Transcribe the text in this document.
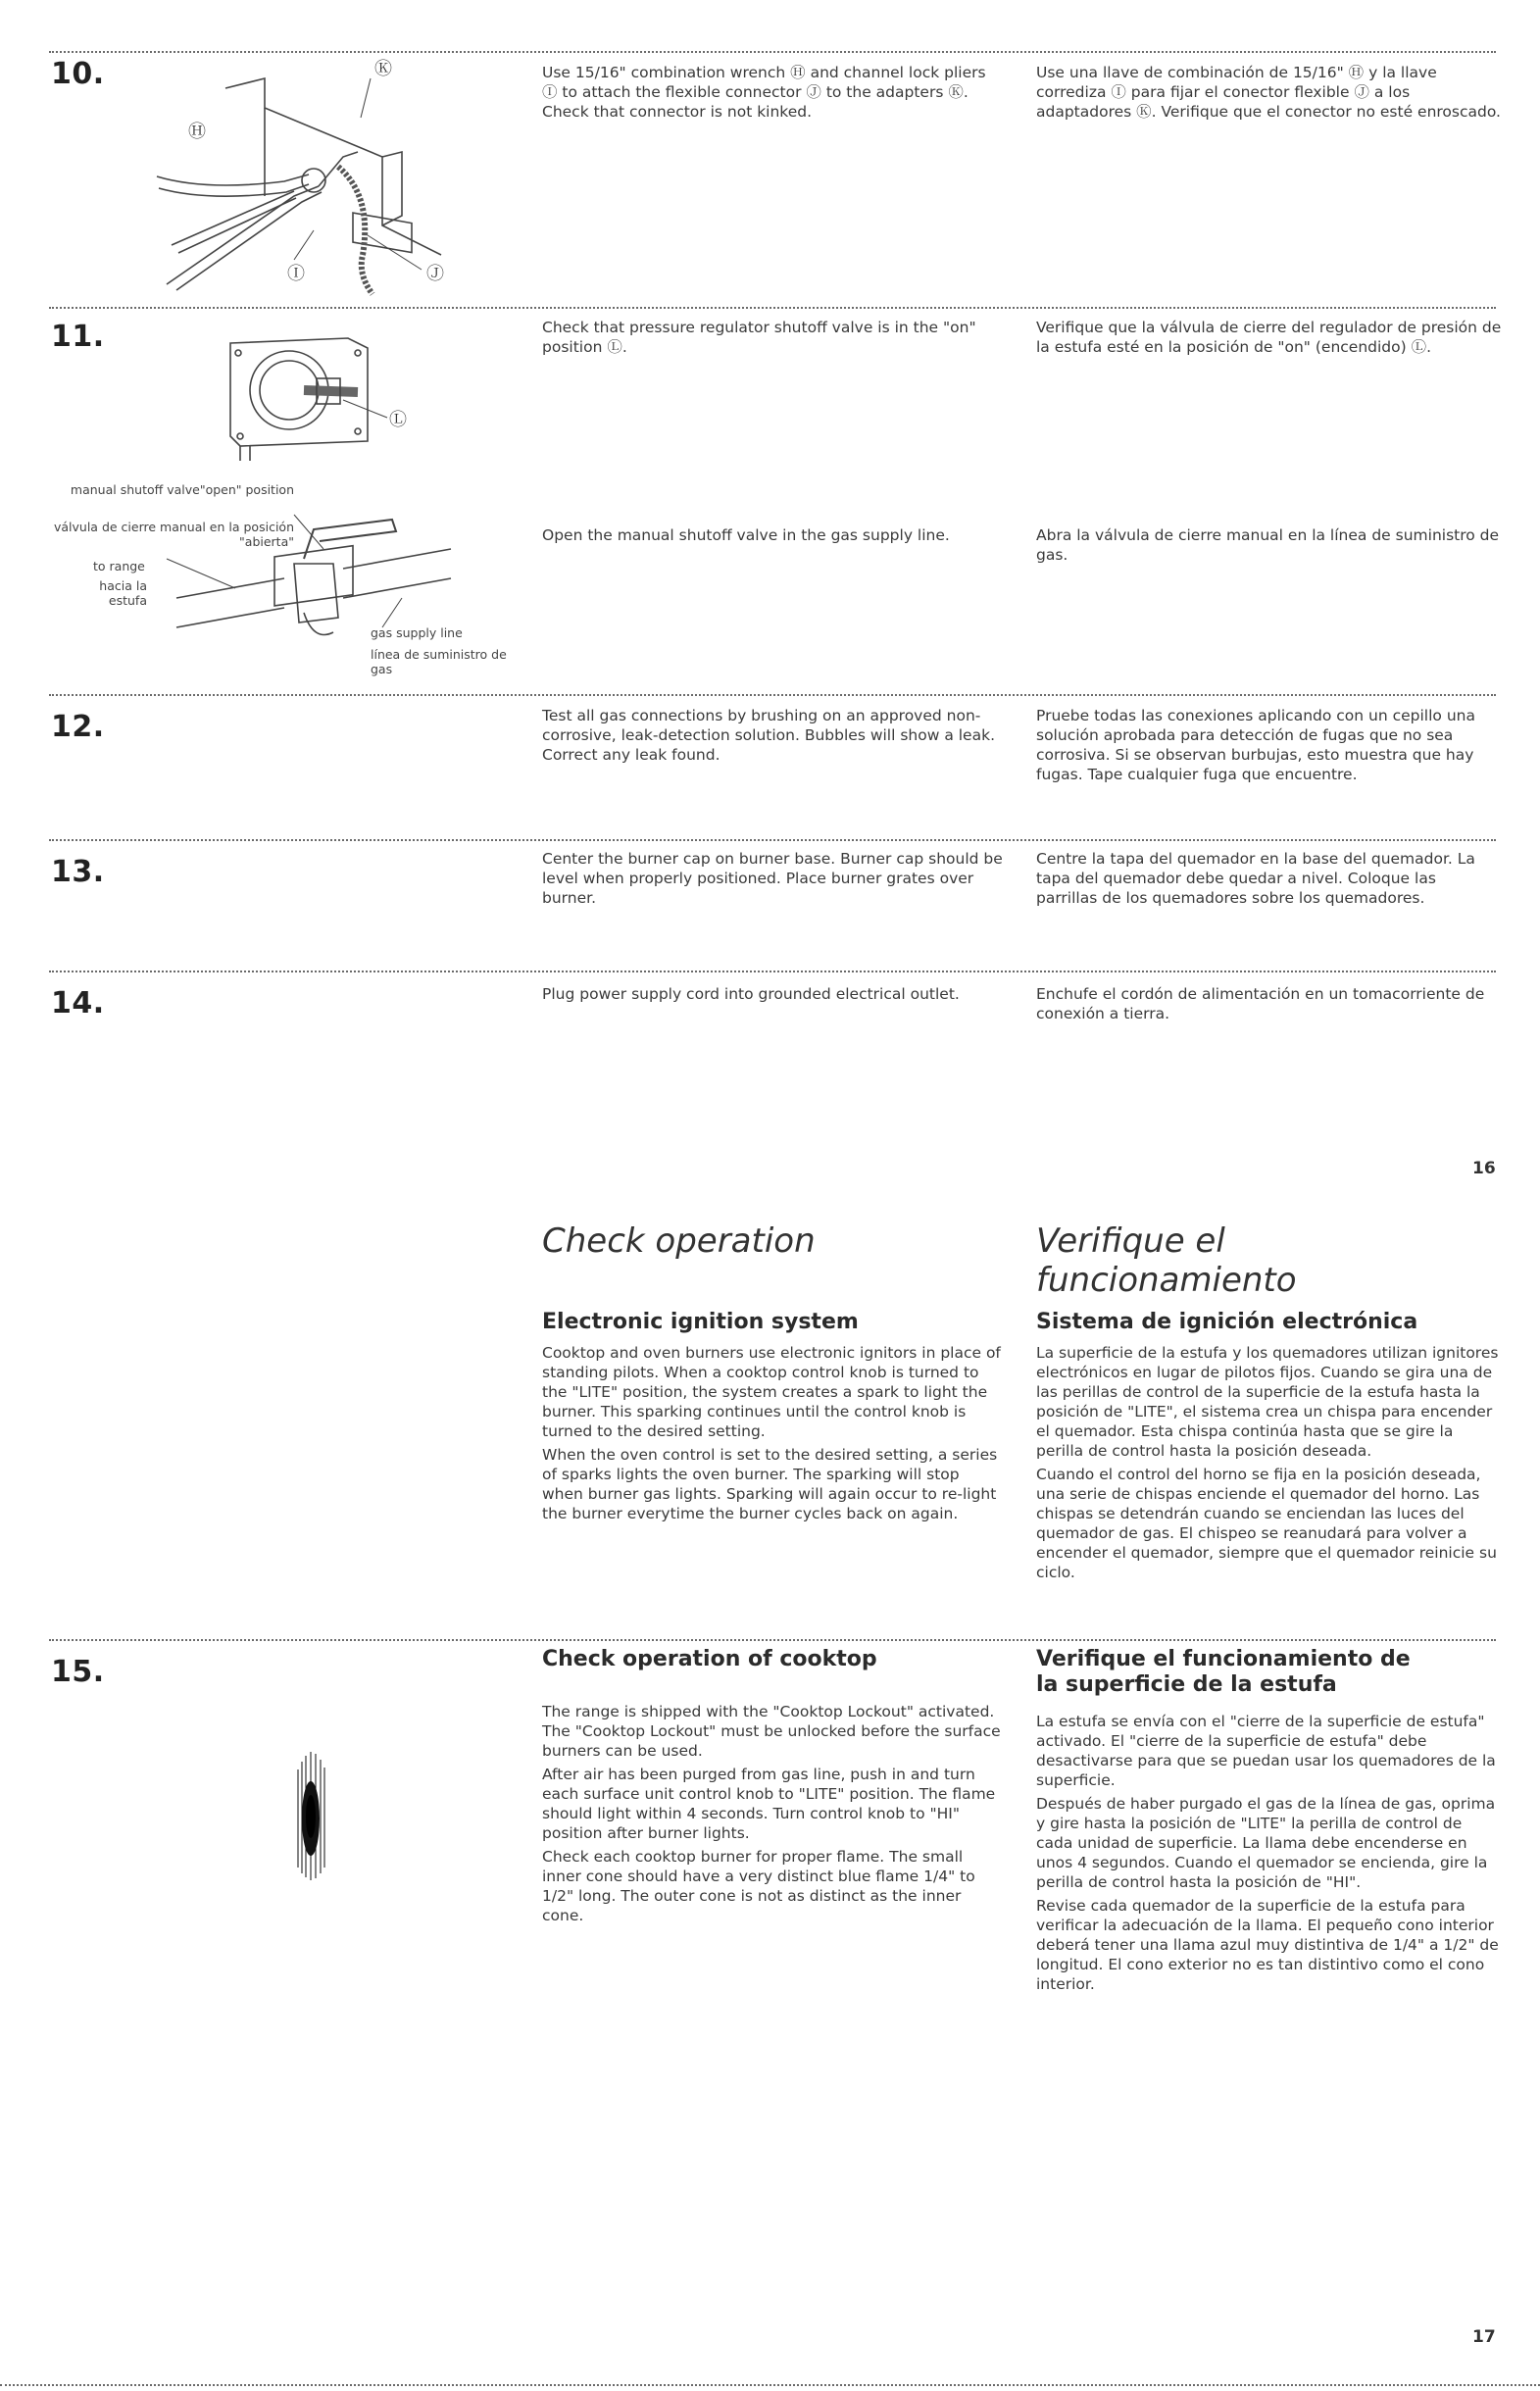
10.	Ⓚ
Ⓗ
Ⓘ	Ⓙ
Use 15/16" combination wrench Ⓗ and channel lock pliers Ⓘ to attach the flexible connector Ⓙ to the adapters Ⓚ. Check that connector is not kinked.
Use una llave de combinación de 15/16" Ⓗ y la llave corrediza Ⓘ para fijar el conector flexible Ⓙ a los adaptadores Ⓚ. Verifique que el conector no esté enroscado.
11.
Ⓛ
Check that pressure regulator shutoff valve is in the "on" position Ⓛ.
Verifique que la válvula de cierre del regulador de presión de la estufa esté en la posición de "on" (encendido) Ⓛ.
manual shutoff valve"open" position
válvula de cierre manual en la posición "abierta"
to range
hacia la estufa
gas supply line
línea de suministro de gas
Open the manual shutoff valve in the gas supply line.	Abra la válvula de cierre manual en la línea de suministro de gas.
12.	Test all gas connections by brushing on an approved non-corrosive, leak-detection solution. Bubbles will show a leak. Correct any leak found.
Pruebe todas las conexiones aplicando con un cepillo una solución aprobada para detección de fugas que no sea corrosiva. Si se observan burbujas, esto muestra que hay fugas. Tape cualquier fuga que encuentre.
13.	Center the burner cap on burner base. Burner cap should be level when properly positioned. Place burner grates over burner.
Centre la tapa del quemador en la base del quemador. La tapa del quemador debe quedar a nivel. Coloque las parrillas de los quemadores sobre los quemadores.
14.	Plug power supply cord into grounded electrical outlet.	Enchufe el cordón de alimentación en un tomacorriente de conexión a tierra.
16
Check operation	Verifique el funcionamiento
Electronic ignition system	Sistema de ignición electrónica
Cooktop and oven burners use electronic ignitors in place of standing pilots. When a cooktop control knob is turned to the "LITE" position, the system creates a spark to light the burner. This sparking continues until the control knob is turned to the desired setting.
When the oven control is set to the desired setting, a series of sparks lights the oven burner. The sparking will stop when burner gas lights. Sparking will again occur to re-light the burner everytime the burner cycles back on again.
La superficie de la estufa y los quemadores utilizan ignitores electrónicos en lugar de pilotos fijos. Cuando se gira una de las perillas de control de la superficie de la estufa hasta la posición de "LITE", el sistema crea un chispa para encender el quemador. Esta chispa continúa hasta que se gire la perilla de control hasta la posición deseada.
Cuando el control del horno se fija en la posición deseada, una serie de chispas enciende el quemador del horno. Las chispas se detendrán cuando se enciendan las luces del quemador de gas. El chispeo se reanudará para volver a encender el quemador, siempre que el quemador reinicie su ciclo.
15.	Check operation of cooktop	Verifique el funcionamiento de la superficie de la estufa
The range is shipped with the "Cooktop Lockout" activated. The "Cooktop Lockout" must be unlocked before the surface burners can be used.
After air has been purged from gas line, push in and turn each surface unit control knob to "LITE" position. The flame should light within 4 seconds. Turn control knob to "HI" position after burner lights.
Check each cooktop burner for proper flame. The small inner cone should have a very distinct blue flame 1/4" to 1/2" long. The outer cone is not as distinct as the inner cone.
La estufa se envía con el "cierre de la superficie de estufa" activado. El "cierre de la superficie de estufa" debe desactivarse para que se puedan usar los quemadores de la superficie.
Después de haber purgado el gas de la línea de gas, oprima y gire hasta la posición de "LITE" la perilla de control de cada unidad de superficie. La llama debe encenderse en unos 4 segundos. Cuando el quemador se encienda, gire la perilla de control hasta la posición de "HI".
Revise cada quemador de la superficie de la estufa para verificar la adecuación de la llama. El pequeño cono interior deberá tener una llama azul muy distintiva de 1/4" a 1/2" de longitud. El cono exterior no es tan distintivo como el cono interior.
17
